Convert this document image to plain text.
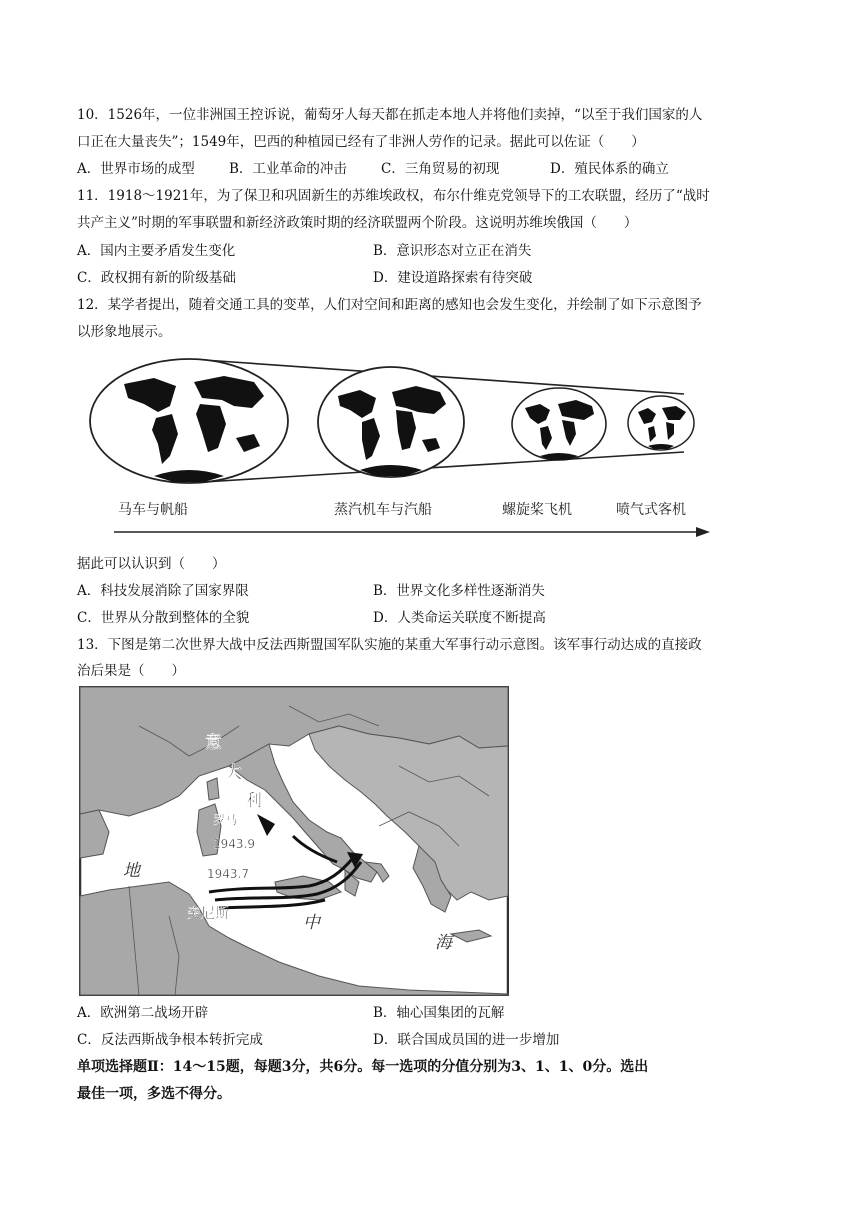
10．1526年，一位非洲国王控诉说，葡萄牙人每天都在抓走本地人并将他们卖掉，“以至于我们国家的人
口正在大量丧失”；1549年，巴西的种植园已经有了非洲人劳作的记录。据此可以佐证（　　）
A．世界市场的成型	B．工业革命的冲击	C．三角贸易的初现	D．殖民体系的确立
11．1918～1921年，为了保卫和巩固新生的苏维埃政权，布尔什维克党领导下的工农联盟，经历了“战时
共产主义”时期的军事联盟和新经济政策时期的经济联盟两个阶段。这说明苏维埃俄国（　　）
A．国内主要矛盾发生变化	B．意识形态对立正在消失
C．政权拥有新的阶级基础	D．建设道路探索有待突破
12．某学者提出，随着交通工具的变革，人们对空间和距离的感知也会发生变化，并绘制了如下示意图予
以形象地展示。
马车与帆船	蒸汽机车与汽船	螺旋桨飞机	喷气式客机
据此可以认识到（　　）
A．科技发展消除了国家界限	B．世界文化多样性逐渐消失
C．世界从分散到整体的全貌	D．人类命运关联度不断提高
13．下图是第二次世界大战中反法西斯盟国军队实施的某重大军事行动示意图。该军事行动达成的直接政
治后果是（　　）
意
大
利
罗马
1943.9
1943.7
突尼斯
地
中
海
A．欧洲第二战场开辟	B．轴心国集团的瓦解
C．反法西斯战争根本转折完成	D．联合国成员国的进一步增加
单项选择题Ⅱ：14～15题，每题3分，共6分。每一选项的分值分别为3、1、1、0分。选出
最佳一项，多选不得分。
